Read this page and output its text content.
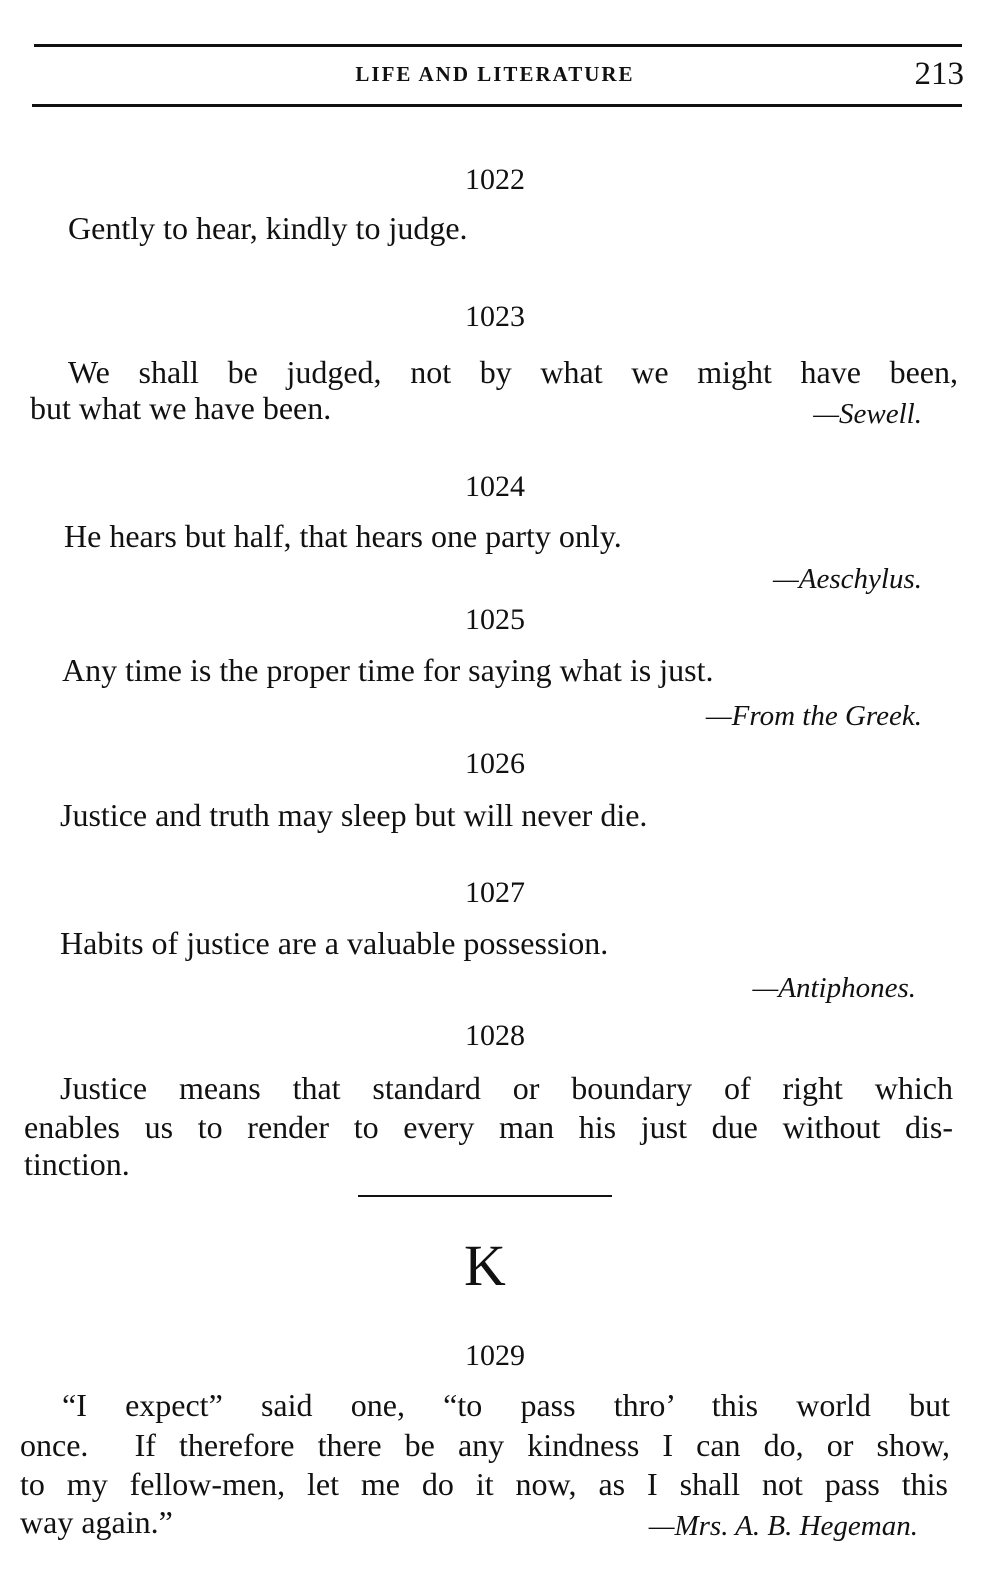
LIFE AND LITERATURE	213
1022
Gently to hear, kindly to judge.
1023
We shall be judged, not by what we might have been,
but what we have been.	—Sewell.
1024
He hears but half, that hears one party only.
—Aeschylus.
1025
Any time is the proper time for saying what is just.
—From the Greek.
1026
Justice and truth may sleep but will never die.
1027
Habits of justice are a valuable possession.
—Antiphones.
1028
Justice means that standard or boundary of right which
enables us to render to every man his just due without dis-
tinction.
K
1029
“I expect” said one, “to pass thro’ this world but
once.  If therefore there be any kindness I can do, or show,
to my fellow-men, let me do it now, as I shall not pass this
way again.”	—Mrs. A. B. Hegeman.
